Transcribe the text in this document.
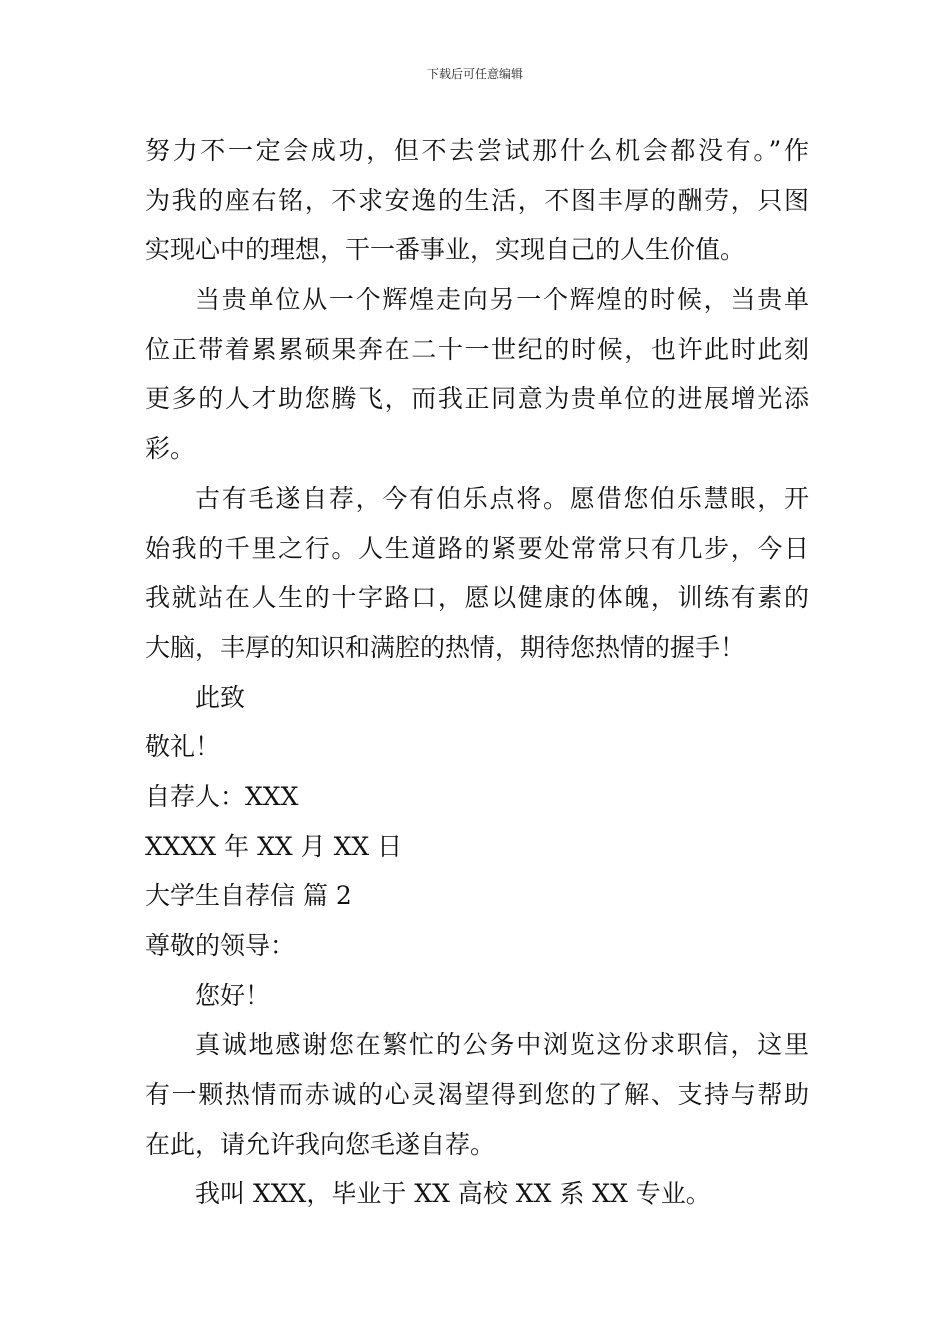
下载后可任意编辑
努力不一定会成功，但不去尝试那什么机会都没有。”作
为我的座右铭，不求安逸的生活，不图丰厚的酬劳，只图
实现心中的理想，干一番事业，实现自己的人生价值。
当贵单位从一个辉煌走向另一个辉煌的时候，当贵单
位正带着累累硕果奔在二十一世纪的时候，也许此时此刻
更多的人才助您腾飞，而我正同意为贵单位的进展增光添
彩。
古有毛遂自荐，今有伯乐点将。愿借您伯乐慧眼，开
始我的千里之行。人生道路的紧要处常常只有几步，今日
我就站在人生的十字路口，愿以健康的体魄，训练有素的
大脑，丰厚的知识和满腔的热情，期待您热情的握手！
此致
敬礼！
自荐人：XXX
XXXX 年 XX 月 XX 日
大学生自荐信 篇 2
尊敬的领导：
您好！
真诚地感谢您在繁忙的公务中浏览这份求职信，这里
有一颗热情而赤诚的心灵渴望得到您的了解、支持与帮助
在此，请允许我向您毛遂自荐。
我叫 XXX，毕业于 XX 高校 XX 系 XX 专业。
